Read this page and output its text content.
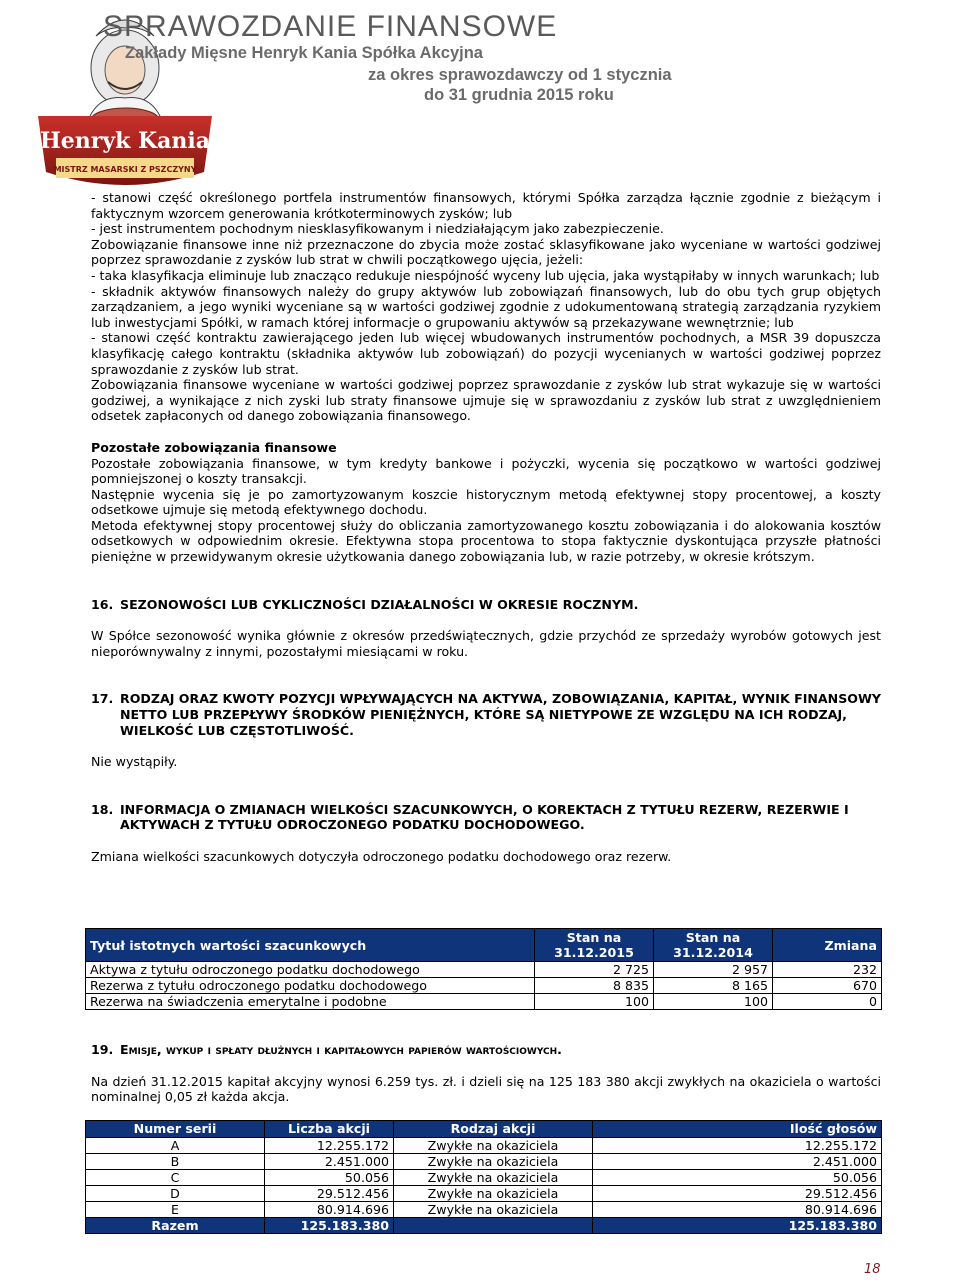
Henryk Kania
MISTRZ MASARSKI Z PSZCZYNY
SPRAWOZDANIE FINANSOWE
Zakłady Mięsne Henryk Kania Spółka Akcyjna
za okres sprawozdawczy od 1 stycznia
do 31 grudnia 2015 roku

- stanowi część określonego portfela instrumentów finansowych, którymi Spółka zarządza łącznie zgodnie z bieżącym i faktycznym wzorcem generowania krótkoterminowych zysków; lub

- jest instrumentem pochodnym niesklasyfikowanym i niedziałającym jako zabezpieczenie.

Zobowiązanie finansowe inne niż przeznaczone do zbycia może zostać sklasyfikowane jako wyceniane w wartości godziwej poprzez sprawozdanie z zysków lub strat w chwili początkowego ujęcia, jeżeli:

- taka klasyfikacja eliminuje lub znacząco redukuje niespójność wyceny lub ujęcia, jaka wystąpiłaby w innych warunkach; lub

- składnik aktywów finansowych należy do grupy aktywów lub zobowiązań finansowych, lub do obu tych grup objętych zarządzaniem, a jego wyniki wyceniane są w wartości godziwej zgodnie z udokumentowaną strategią zarządzania ryzykiem lub inwestycjami Spółki, w ramach której informacje o grupowaniu aktywów są przekazywane wewnętrznie; lub

- stanowi część kontraktu zawierającego jeden lub więcej wbudowanych instrumentów pochodnych, a MSR 39 dopuszcza klasyfikację całego kontraktu (składnika aktywów lub zobowiązań) do pozycji wycenianych w wartości godziwej poprzez sprawozdanie z zysków lub strat.

Zobowiązania finansowe wyceniane w wartości godziwej poprzez sprawozdanie z zysków lub strat wykazuje się w wartości godziwej, a wynikające z nich zyski lub straty finansowe ujmuje się w sprawozdaniu z zysków lub strat z uwzględnieniem odsetek zapłaconych od danego zobowiązania finansowego.

Pozostałe zobowiązania finansowe

Pozostałe zobowiązania finansowe, w tym kredyty bankowe i pożyczki, wycenia się początkowo w wartości godziwej pomniejszonej o koszty transakcji.

Następnie wycenia się je po zamortyzowanym koszcie historycznym metodą efektywnej stopy procentowej, a koszty odsetkowe ujmuje się metodą efektywnego dochodu.

Metoda efektywnej stopy procentowej służy do obliczania zamortyzowanego kosztu zobowiązania i do alokowania kosztów odsetkowych w odpowiednim okresie. Efektywna stopa procentowa to stopa faktycznie dyskontująca przyszłe płatności pieniężne w przewidywanym okresie użytkowania danego zobowiązania lub, w razie potrzeby, w okresie krótszym.

16. SEZONOWOŚCI LUB CYKLICZNOŚCI DZIAŁALNOŚCI W OKRESIE ROCZNYM.

W Spółce sezonowość wynika głównie z okresów przedświątecznych, gdzie przychód ze sprzedaży wyrobów gotowych jest nieporównywalny z innymi, pozostałymi miesiącami w roku.

17. RODZAJ ORAZ KWOTY POZYCJI WPŁYWAJĄCYCH NA AKTYWA, ZOBOWIĄZANIA, KAPITAŁ, WYNIK FINANSOWY NETTO LUB PRZEPŁYWY ŚRODKÓW PIENIĘŻNYCH, KTÓRE SĄ NIETYPOWE ZE WZGLĘDU NA ICH RODZAJ, WIELKOŚĆ LUB CZĘSTOTLIWOŚĆ.

Nie wystąpiły.

18. INFORMACJA O ZMIANACH WIELKOŚCI SZACUNKOWYCH, O KOREKTACH Z TYTUŁU REZERW, REZERWIE I AKTYWACH Z TYTUŁU ODROCZONEGO PODATKU DOCHODOWEGO.

Zmiana wielkości szacunkowych dotyczyła odroczonego podatku dochodowego oraz rezerw.

Tytuł istotnych wartości szacunkowych	Stan na 31.12.2015	Stan na 31.12.2014	Zmiana
Aktywa z tytułu odroczonego podatku dochodowego	2 725	2 957	232
Rezerwa z tytułu odroczonego podatku dochodowego	8 835	8 165	670
Rezerwa na świadczenia emerytalne i podobne	100	100	0
19. Emisje, wykup i spłaty dłużnych i kapitałowych papierów wartościowych.

Na dzień 31.12.2015 kapitał akcyjny wynosi 6.259 tys. zł. i dzieli się na 125 183 380 akcji zwykłych na okaziciela o wartości nominalnej 0,05 zł każda akcja.

Numer serii	Liczba akcji	Rodzaj akcji	Ilość głosów
A	12.255.172	Zwykłe na okaziciela	12.255.172
B	2.451.000	Zwykłe na okaziciela	2.451.000
C	50.056	Zwykłe na okaziciela	50.056
D	29.512.456	Zwykłe na okaziciela	29.512.456
E	80.914.696	Zwykłe na okaziciela	80.914.696
Razem	125.183.380		125.183.380
18
